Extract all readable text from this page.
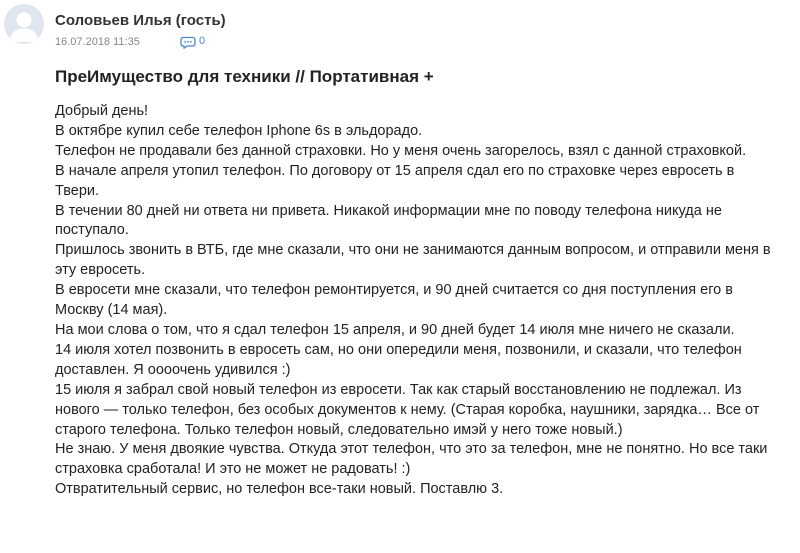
Соловьев Илья (гость)
16.07.2018 11:35	0
ПреИмущество для техники // Портативная +

Добрый день!

В октябре купил себе телефон Iphone 6s в эльдорадо.

Телефон не продавали без данной страховки. Но у меня очень загорелось, взял с данной страховкой.

В начале апреля утопил телефон. По договору от 15 апреля сдал его по страховке через евросеть в Твери.

В течении 80 дней ни ответа ни привета. Никакой информации мне по поводу телефона никуда не поступало.

Пришлось звонить в ВТБ, где мне сказали, что они не занимаются данным вопросом, и отправили меня в эту евросеть.

В евросети мне сказали, что телефон ремонтируется, и 90 дней считается со дня поступления его в Москву (14 мая).

На мои слова о том, что я сдал телефон 15 апреля, и 90 дней будет 14 июля мне ничего не сказали.

14 июля хотел позвонить в евросеть сам, но они опередили меня, позвонили, и сказали, что телефон доставлен. Я оооочень удивился :)

15 июля я забрал свой новый телефон из евросети. Так как старый восстановлению не подлежал. Из нового — только телефон, без особых документов к нему. (Старая коробка, наушники, зарядка… Все от старого телефона. Только телефон новый, следовательно имэй у него тоже новый.)

Не знаю. У меня двоякие чувства. Откуда этот телефон, что это за телефон, мне не понятно. Но все таки страховка сработала! И это не может не радовать! :)

Отвратительный сервис, но телефон все-таки новый. Поставлю 3.
